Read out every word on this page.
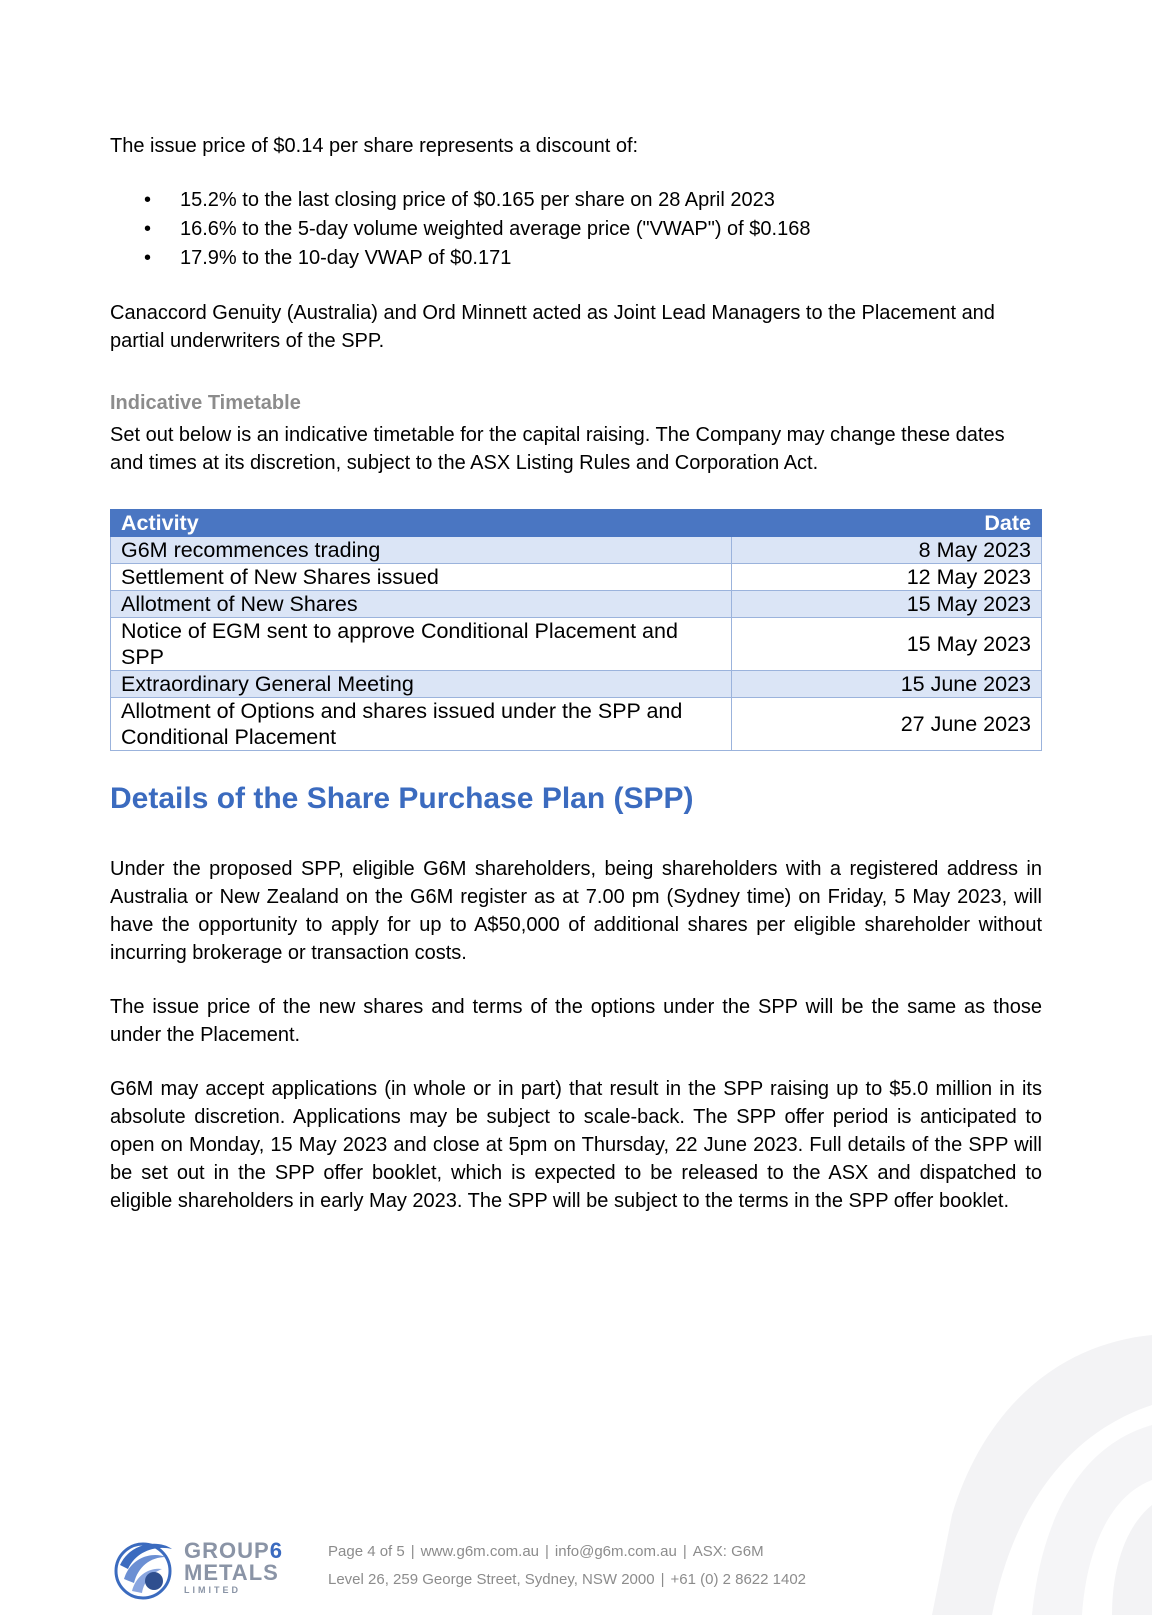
The issue price of $0.14 per share represents a discount of:

• 15.2% to the last closing price of $0.165 per share on 28 April 2023
• 16.6% to the 5-day volume weighted average price ("VWAP") of $0.168
• 17.9% to the 10-day VWAP of $0.171

Canaccord Genuity (Australia) and Ord Minnett acted as Joint Lead Managers to the Placement and partial underwriters of the SPP.

Indicative Timetable

Set out below is an indicative timetable for the capital raising. The Company may change these dates and times at its discretion, subject to the ASX Listing Rules and Corporation Act.

Activity	Date
G6M recommences trading	8 May 2023
Settlement of New Shares issued	12 May 2023
Allotment of New Shares	15 May 2023
Notice of EGM sent to approve Conditional Placement and SPP	15 May 2023
Extraordinary General Meeting	15 June 2023
Allotment of Options and shares issued under the SPP and Conditional Placement	27 June 2023
Details of the Share Purchase Plan (SPP)

Under the proposed SPP, eligible G6M shareholders, being shareholders with a registered address in Australia or New Zealand on the G6M register as at 7.00 pm (Sydney time) on Friday, 5 May 2023, will have the opportunity to apply for up to A$50,000 of additional shares per eligible shareholder without incurring brokerage or transaction costs.

The issue price of the new shares and terms of the options under the SPP will be the same as those under the Placement.

G6M may accept applications (in whole or in part) that result in the SPP raising up to $5.0 million in its absolute discretion. Applications may be subject to scale-back. The SPP offer period is anticipated to open on Monday, 15 May 2023 and close at 5pm on Thursday, 22 June 2023. Full details of the SPP will be set out in the SPP offer booklet, which is expected to be released to the ASX and dispatched to eligible shareholders in early May 2023. The SPP will be subject to the terms in the SPP offer booklet.

GROUP6
METALS
LIMITED
Page 4 of 5 | www.g6m.com.au | info@g6m.com.au | ASX: G6M
Level 26, 259 George Street, Sydney, NSW 2000 | +61 (0) 2 8622 1402
